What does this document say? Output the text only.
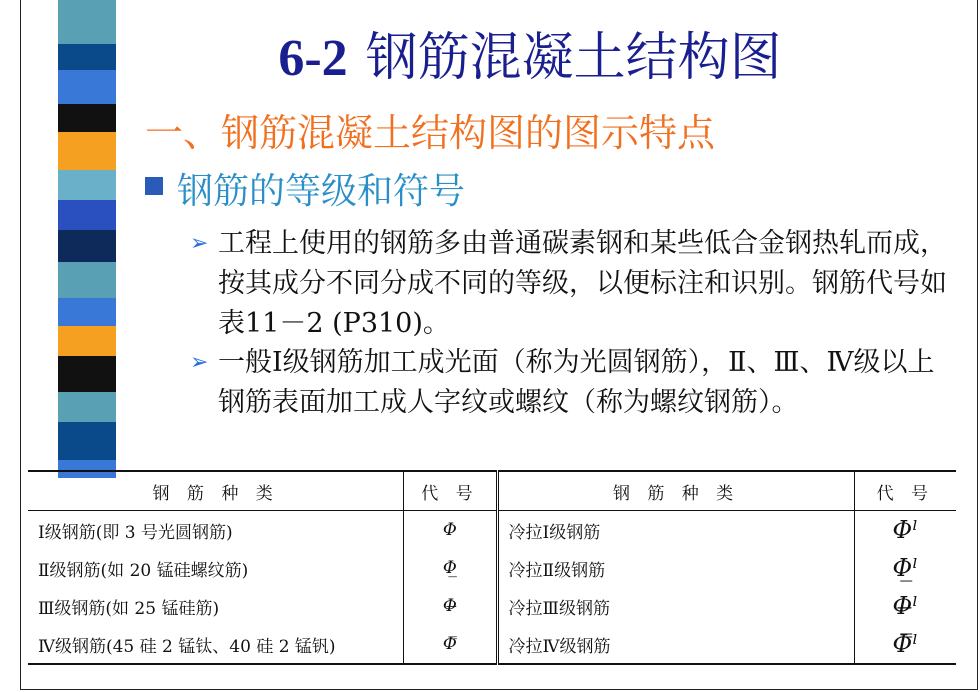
6-2 钢筋混凝土结构图
一、钢筋混凝土结构图的图示特点
钢筋的等级和符号
➢ 工程上使用的钢筋多由普通碳素钢和某些低合金钢热轧而成，按其成分不同分成不同的等级，以便标注和识别。钢筋代号如表11－2 (P310)。
➢ 一般Ⅰ级钢筋加工成光面（称为光圆钢筋），Ⅱ、Ⅲ、Ⅳ级以上钢筋表面加工成人字纹或螺纹（称为螺纹钢筋）。
钢 筋 种 类	代 号	钢 筋 种 类	代 号
Ⅰ级钢筋(即 3 号光圆钢筋)	Φ	冷拉Ⅰ级钢筋	Φˡ
Ⅱ级钢筋(如 20 锰硅螺纹筋)	Φ̲	冷拉Ⅱ级钢筋	Φ̲ˡ
Ⅲ级钢筋(如 25 锰硅筋)	Φ̶	冷拉Ⅲ级钢筋	Φ̶ˡ
Ⅳ级钢筋(45 硅 2 锰钛、40 硅 2 锰钒)	Φ̿	冷拉Ⅳ级钢筋	Φ̿ˡ
